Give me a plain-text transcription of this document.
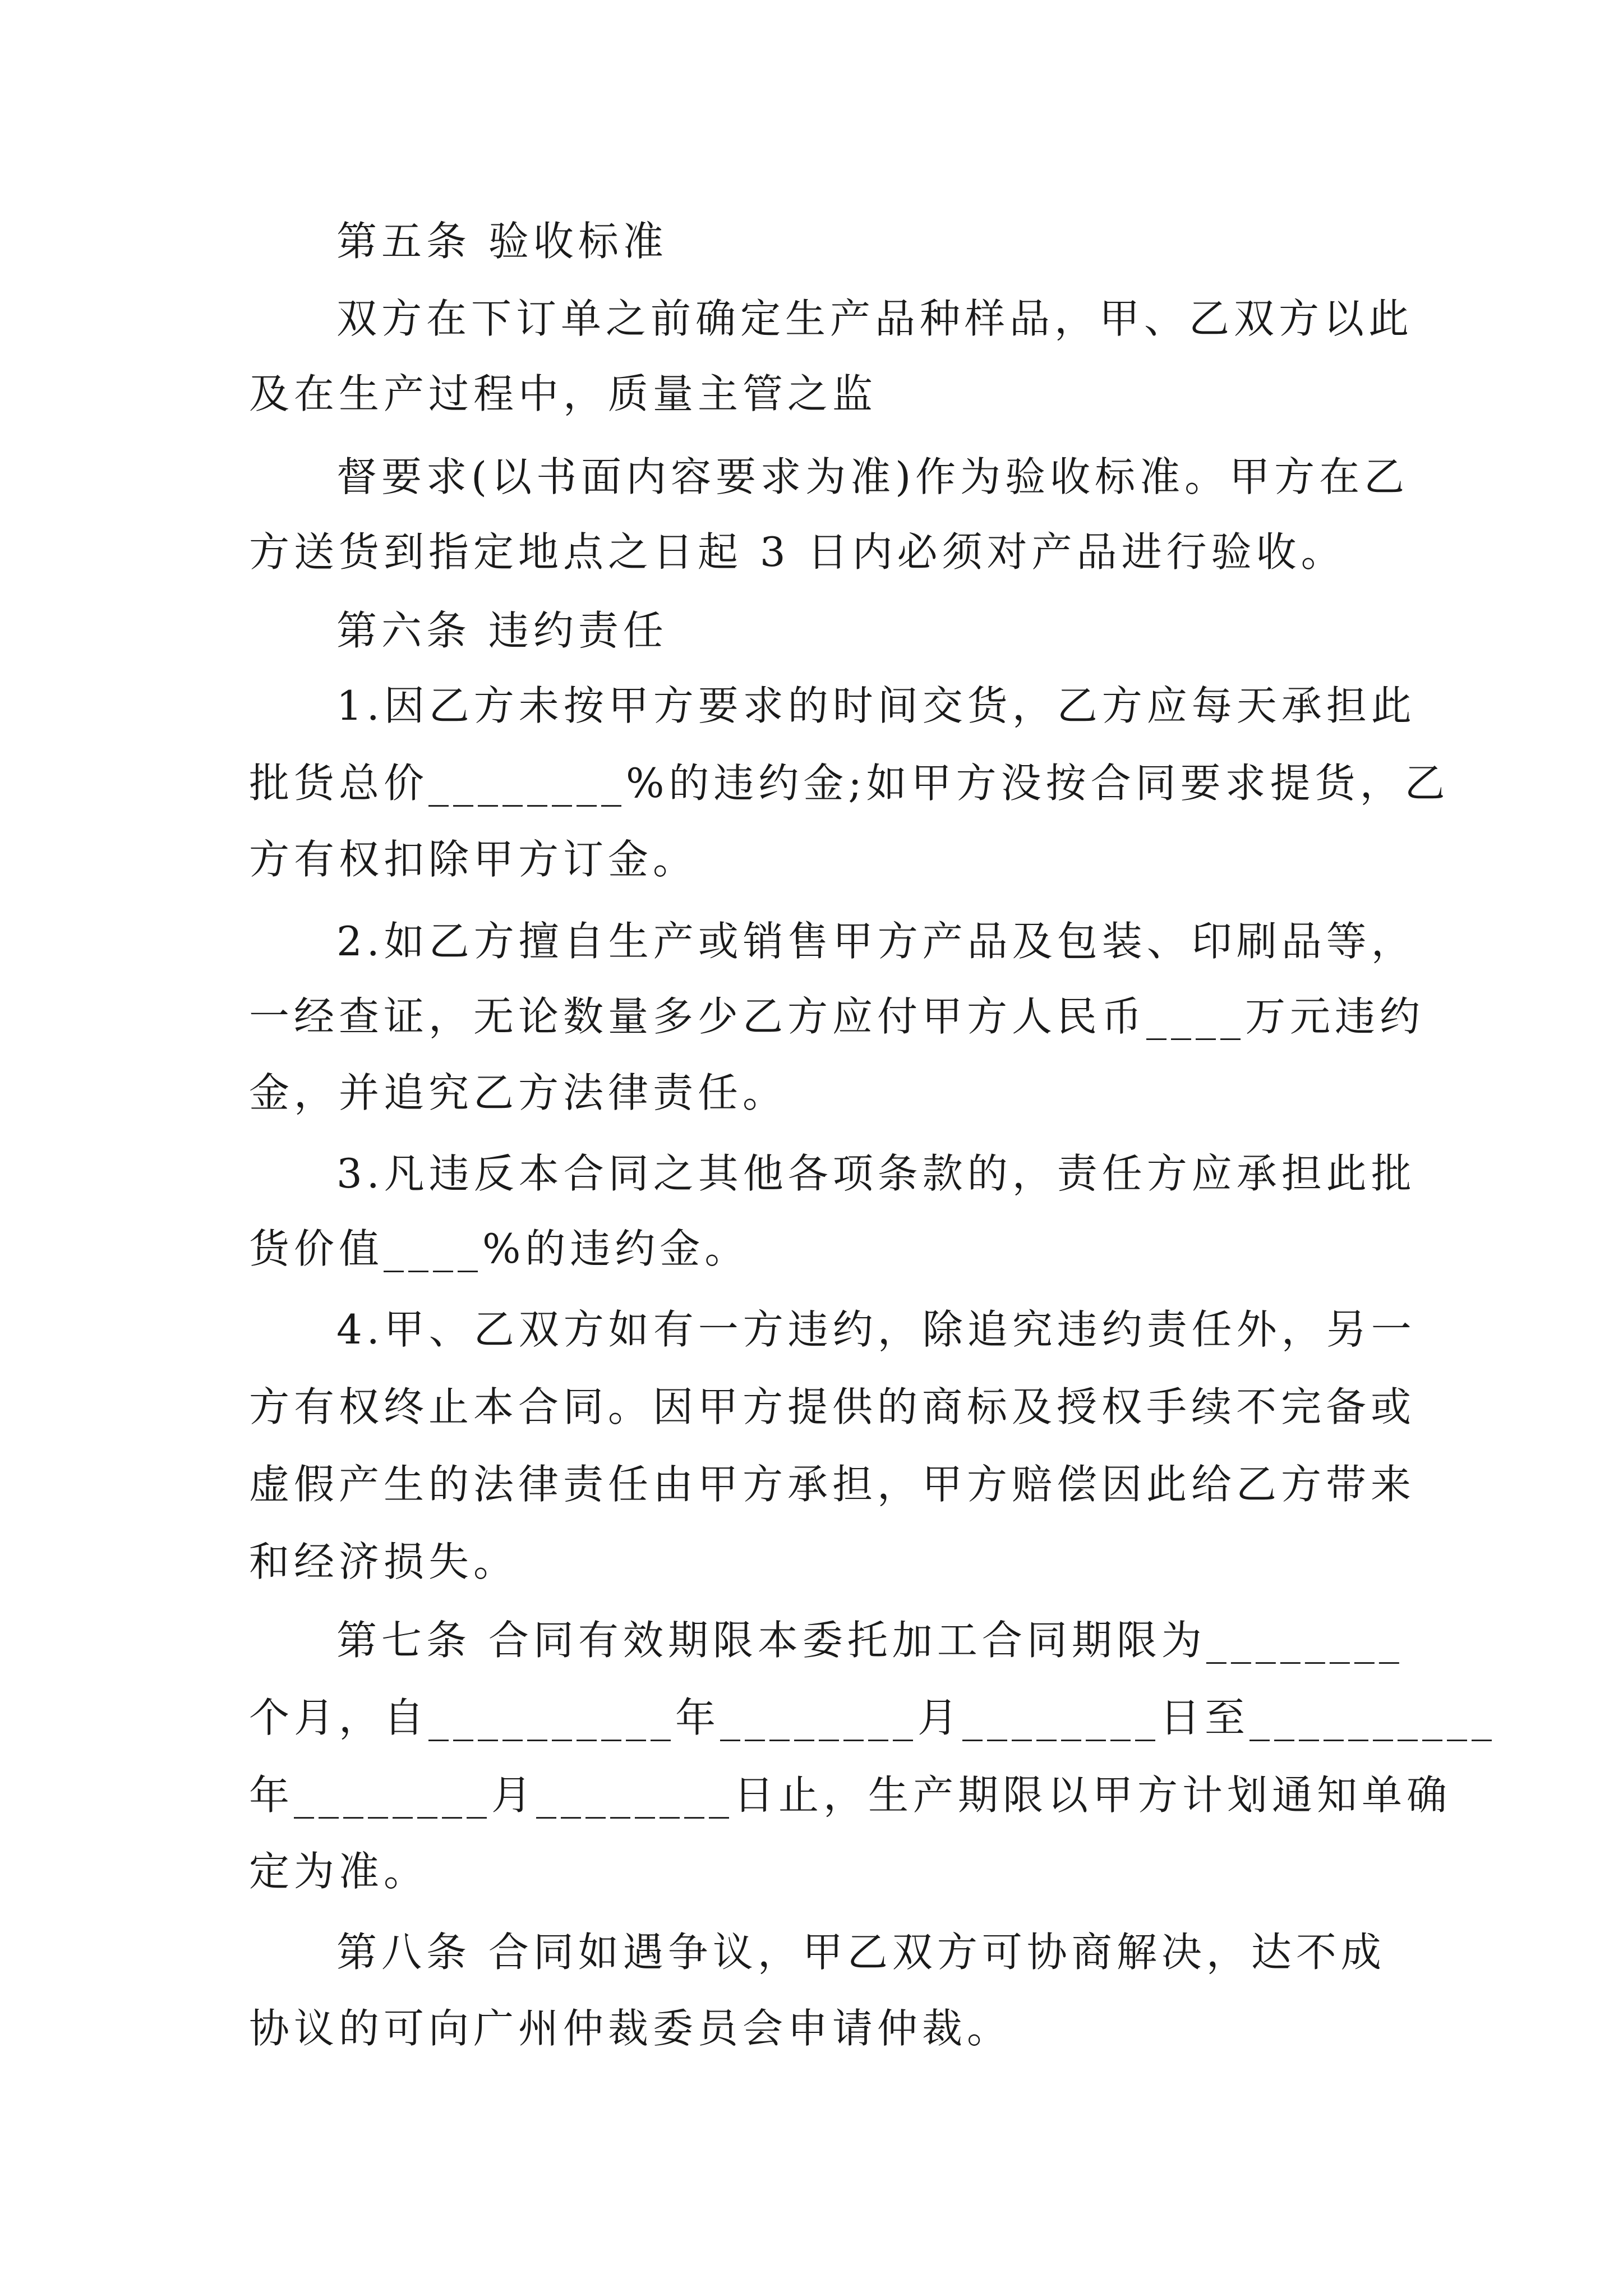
第五条 验收标准
双方在下订单之前确定生产品种样品，甲、乙双方以此
及在生产过程中，质量主管之监
督要求(以书面内容要求为准)作为验收标准。甲方在乙
方送货到指定地点之日起 3 日内必须对产品进行验收。
第六条 违约责任
1.因乙方未按甲方要求的时间交货，乙方应每天承担此
批货总价________%的违约金;如甲方没按合同要求提货，乙
方有权扣除甲方订金。
2.如乙方擅自生产或销售甲方产品及包装、印刷品等，
一经查证，无论数量多少乙方应付甲方人民币____万元违约
金，并追究乙方法律责任。
3.凡违反本合同之其他各项条款的，责任方应承担此批
货价值____%的违约金。
4.甲、乙双方如有一方违约，除追究违约责任外，另一
方有权终止本合同。因甲方提供的商标及授权手续不完备或
虚假产生的法律责任由甲方承担，甲方赔偿因此给乙方带来
和经济损失。
第七条 合同有效期限本委托加工合同期限为________
个月，自__________年________月________日至__________
年________月________日止，生产期限以甲方计划通知单确
定为准。
第八条 合同如遇争议，甲乙双方可协商解决，达不成
协议的可向广州仲裁委员会申请仲裁。
